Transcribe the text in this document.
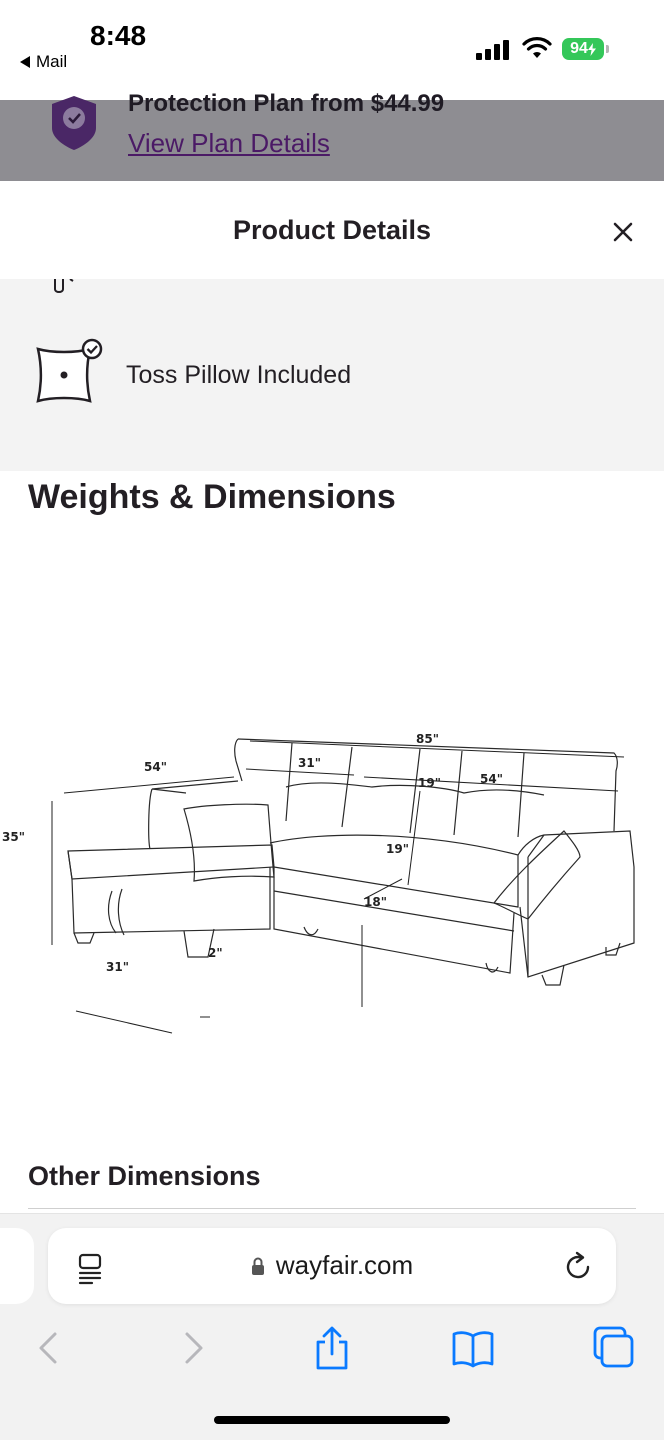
8:48
Mail
94
Protection Plan from $44.99
View Plan Details
Product Details
Toss Pillow Included
Weights & Dimensions
85"
54"	31"
54"
35"
19"
19"
18"
31"
2"
Other Dimensions
wayfair.com
